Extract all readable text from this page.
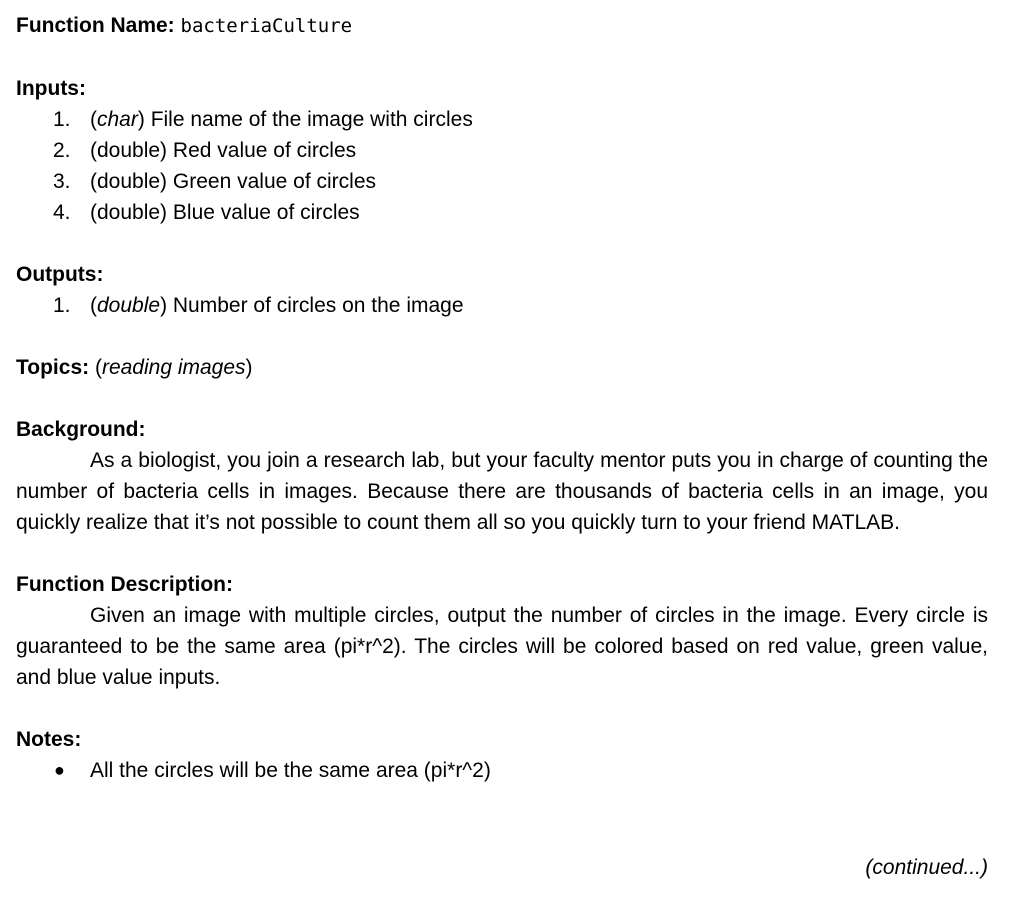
Function Name: bacteriaCulture

Inputs:

1. (char) File name of the image with circles
2. (double) Red value of circles
3. (double) Green value of circles
4. (double) Blue value of circles

Outputs:

1. (double) Number of circles on the image

Topics: (reading images)

Background:

As a biologist, you join a research lab, but your faculty mentor puts you in charge of counting the number of bacteria cells in images. Because there are thousands of bacteria cells in an image, you quickly realize that it’s not possible to count them all so you quickly turn to your friend MATLAB.

Function Description:

Given an image with multiple circles, output the number of circles in the image. Every circle is guaranteed to be the same area (pi*r^2). The circles will be colored based on red value, green value, and blue value inputs.

Notes:

● All the circles will be the same area (pi*r^2)
(continued...)
